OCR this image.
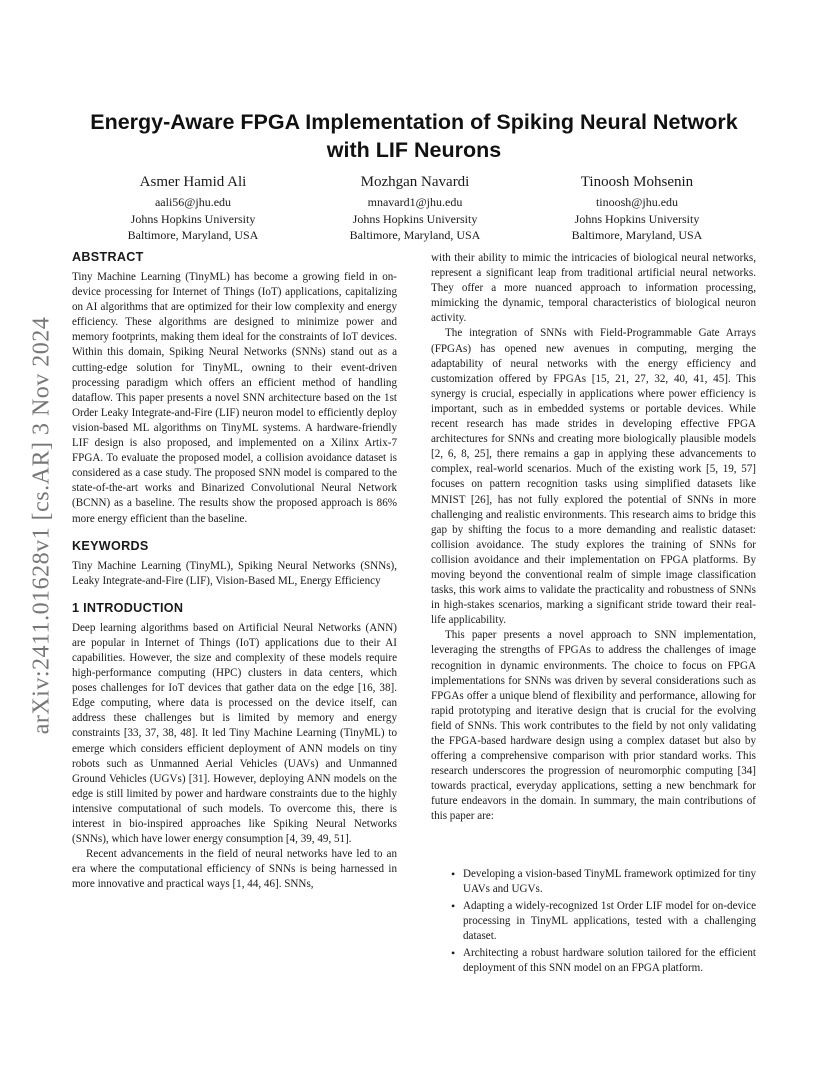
arXiv:2411.01628v1 [cs.AR] 3 Nov 2024
Energy-Aware FPGA Implementation of Spiking Neural Network
with LIF Neurons
Asmer Hamid Ali
aali56@jhu.edu
Johns Hopkins University
Baltimore, Maryland, USA
Mozhgan Navardi
mnavard1@jhu.edu
Johns Hopkins University
Baltimore, Maryland, USA
Tinoosh Mohsenin
tinoosh@jhu.edu
Johns Hopkins University
Baltimore, Maryland, USA
ABSTRACT

Tiny Machine Learning (TinyML) has become a growing field in on-device processing for Internet of Things (IoT) applications, capitalizing on AI algorithms that are optimized for their low complexity and energy efficiency. These algorithms are designed to minimize power and memory footprints, making them ideal for the constraints of IoT devices. Within this domain, Spiking Neural Networks (SNNs) stand out as a cutting-edge solution for TinyML, owning to their event-driven processing paradigm which offers an efficient method of handling dataflow. This paper presents a novel SNN architecture based on the 1st Order Leaky Integrate-and-Fire (LIF) neuron model to efficiently deploy vision-based ML algorithms on TinyML systems. A hardware-friendly LIF design is also proposed, and implemented on a Xilinx Artix-7 FPGA. To evaluate the proposed model, a collision avoidance dataset is considered as a case study. The proposed SNN model is compared to the state-of-the-art works and Binarized Convolutional Neural Network (BCNN) as a baseline. The results show the proposed approach is 86% more energy efficient than the baseline.

KEYWORDS

Tiny Machine Learning (TinyML), Spiking Neural Networks (SNNs), Leaky Integrate-and-Fire (LIF), Vision-Based ML, Energy Efficiency

1 INTRODUCTION

Deep learning algorithms based on Artificial Neural Networks (ANN) are popular in Internet of Things (IoT) applications due to their AI capabilities. However, the size and complexity of these models require high-performance computing (HPC) clusters in data centers, which poses challenges for IoT devices that gather data on the edge [16, 38]. Edge computing, where data is processed on the device itself, can address these challenges but is limited by memory and energy constraints [33, 37, 38, 48]. It led Tiny Machine Learning (TinyML) to emerge which considers efficient deployment of ANN models on tiny robots such as Unmanned Aerial Vehicles (UAVs) and Unmanned Ground Vehicles (UGVs) [31]. However, deploying ANN models on the edge is still limited by power and hardware constraints due to the highly intensive computational of such models. To overcome this, there is interest in bio-inspired approaches like Spiking Neural Networks (SNNs), which have lower energy consumption [4, 39, 49, 51].

Recent advancements in the field of neural networks have led to an era where the computational efficiency of SNNs is being harnessed in more innovative and practical ways [1, 44, 46]. SNNs,

with their ability to mimic the intricacies of biological neural networks, represent a significant leap from traditional artificial neural networks. They offer a more nuanced approach to information processing, mimicking the dynamic, temporal characteristics of biological neuron activity.

The integration of SNNs with Field-Programmable Gate Arrays (FPGAs) has opened new avenues in computing, merging the adaptability of neural networks with the energy efficiency and customization offered by FPGAs [15, 21, 27, 32, 40, 41, 45]. This synergy is crucial, especially in applications where power efficiency is important, such as in embedded systems or portable devices. While recent research has made strides in developing effective FPGA architectures for SNNs and creating more biologically plausible models [2, 6, 8, 25], there remains a gap in applying these advancements to complex, real-world scenarios. Much of the existing work [5, 19, 57] focuses on pattern recognition tasks using simplified datasets like MNIST [26], has not fully explored the potential of SNNs in more challenging and realistic environments. This research aims to bridge this gap by shifting the focus to a more demanding and realistic dataset: collision avoidance. The study explores the training of SNNs for collision avoidance and their implementation on FPGA platforms. By moving beyond the conventional realm of simple image classification tasks, this work aims to validate the practicality and robustness of SNNs in high-stakes scenarios, marking a significant stride toward their real-life applicability.

This paper presents a novel approach to SNN implementation, leveraging the strengths of FPGAs to address the challenges of image recognition in dynamic environments. The choice to focus on FPGA implementations for SNNs was driven by several considerations such as FPGAs offer a unique blend of flexibility and performance, allowing for rapid prototyping and iterative design that is crucial for the evolving field of SNNs. This work contributes to the field by not only validating the FPGA-based hardware design using a complex dataset but also by offering a comprehensive comparison with prior standard works. This research underscores the progression of neuromorphic computing [34] towards practical, everyday applications, setting a new benchmark for future endeavors in the domain. In summary, the main contributions of this paper are:

• Developing a vision-based TinyML framework optimized for tiny UAVs and UGVs.
• Adapting a widely-recognized 1st Order LIF model for on-device processing in TinyML applications, tested with a challenging dataset.
• Architecting a robust hardware solution tailored for the efficient deployment of this SNN model on an FPGA platform.
